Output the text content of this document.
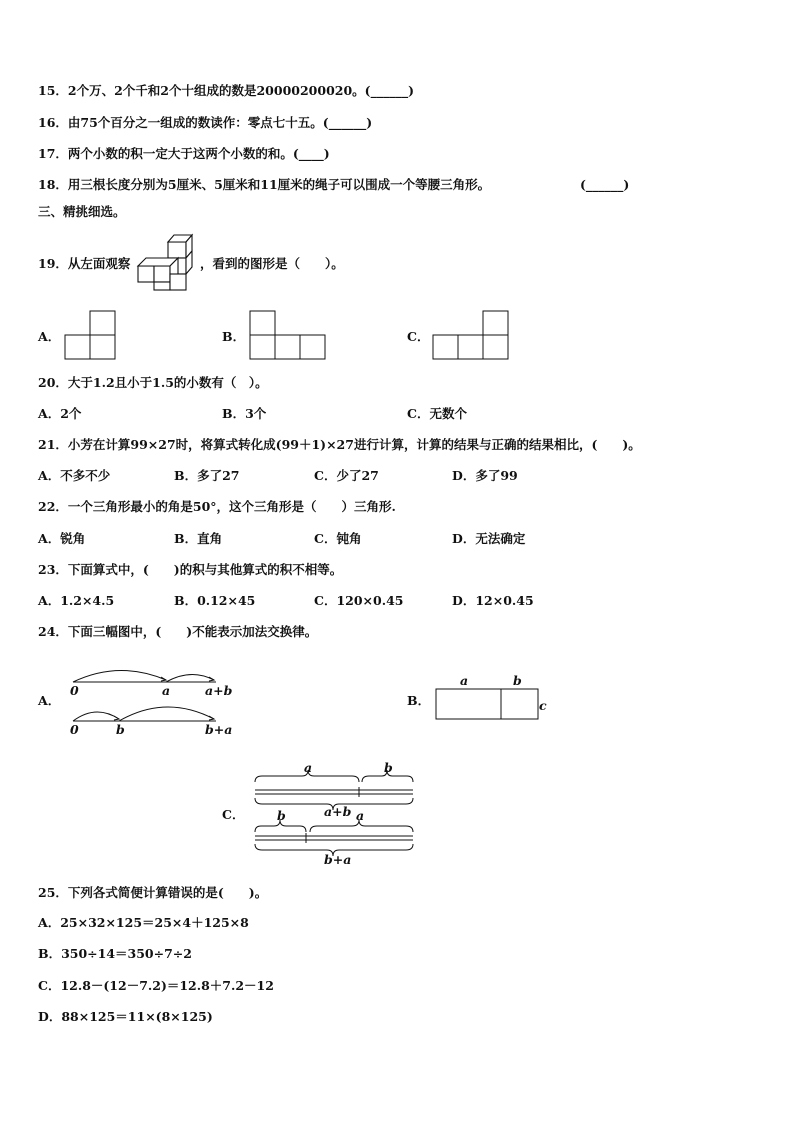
15．2个万、2个千和2个十组成的数是20000200020。(______)
16．由75个百分之一组成的数读作：零点七十五。(______)
17．两个小数的积一定大于这两个小数的和。(____)
18．用三根长度分别为5厘米、5厘米和11厘米的绳子可以围成一个等腰三角形。	(______)
三、精挑细选。
19．从左面观察	，看到的图形是（　　）。
A．	B．	C．
20．大于1.2且小于1.5的小数有（　）。
A．2个	B．3个	C．无数个
21．小芳在计算99×27时，将算式转化成(99＋1)×27进行计算，计算的结果与正确的结果相比，(　　)。
A．不多不少	B．多了27	C．少了27	D．多了99
22．一个三角形最小的角是50°，这个三角形是（　　）三角形.
A．锐角	B．直角	C．钝角	D．无法确定
23．下面算式中，(　　)的积与其他算式的积不相等。
A．1.2×4.5	B．0.12×45	C．120×0.45	D．12×0.45
24．下面三幅图中，(　　)不能表示加法交换律。
A．
0	a	a+b
0	b	b+a
B．
a	b
c
C．
a	b
a+b
b	a
b+a
25．下列各式简便计算错误的是(　　)。
A．25×32×125＝25×4＋125×8
B．350÷14＝350÷7÷2
C．12.8－(12－7.2)＝12.8＋7.2－12
D．88×125＝11×(8×125)
